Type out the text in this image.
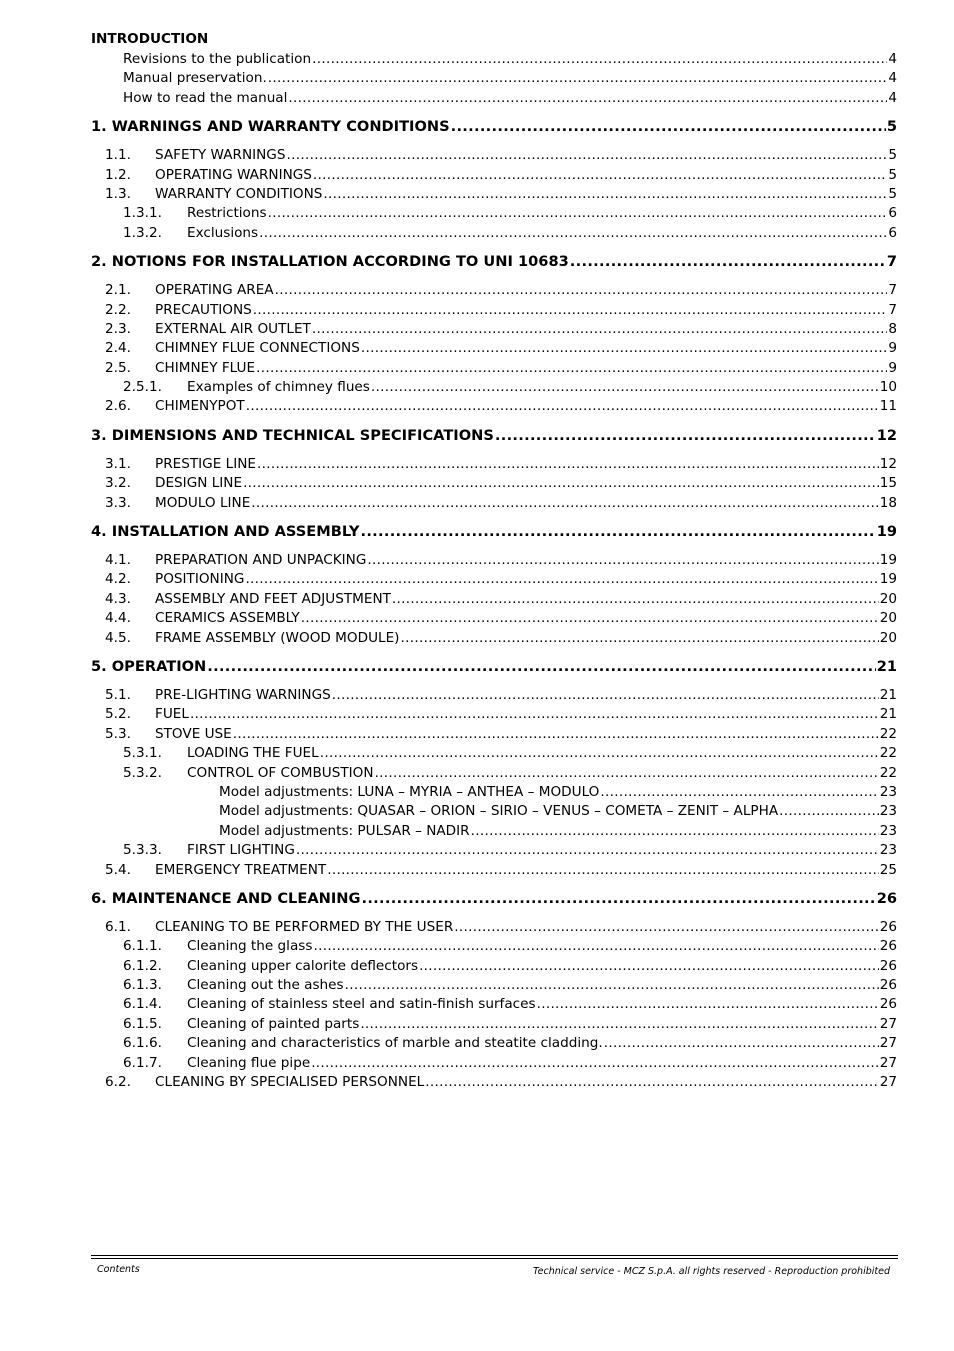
INTRODUCTION
Revisions to the publication .....	4
Manual preservation. .....	4
How to read the manual .....	4
1. WARNINGS AND WARRANTY CONDITIONS .....	5
1.1.	SAFETY WARNINGS .....	5
1.2.	OPERATING WARNINGS .....	5
1.3.	WARRANTY CONDITIONS .....	5
1.3.1.	Restrictions .....	6
1.3.2.	Exclusions .....	6
2. NOTIONS FOR INSTALLATION ACCORDING TO UNI 10683 .....	7
2.1.	OPERATING AREA .....	7
2.2.	PRECAUTIONS .....	7
2.3.	EXTERNAL AIR OUTLET .....	8
2.4.	CHIMNEY FLUE CONNECTIONS .....	9
2.5.	CHIMNEY FLUE .....	9
2.5.1.	Examples of chimney flues .....	10
2.6.	CHIMENYPOT .....	11
3. DIMENSIONS AND TECHNICAL SPECIFICATIONS .....	12
3.1.	PRESTIGE LINE .....	12
3.2.	DESIGN LINE .....	15
3.3.	MODULO LINE .....	18
4. INSTALLATION AND ASSEMBLY .....	19
4.1.	PREPARATION AND UNPACKING .....	19
4.2.	POSITIONING .....	19
4.3.	ASSEMBLY AND FEET ADJUSTMENT .....	20
4.4.	CERAMICS ASSEMBLY .....	20
4.5.	FRAME ASSEMBLY (WOOD MODULE) .....	20
5. OPERATION .....	21
5.1.	PRE-LIGHTING WARNINGS .....	21
5.2.	FUEL .....	21
5.3.	STOVE USE .....	22
5.3.1.	LOADING THE FUEL .....	22
5.3.2.	CONTROL OF COMBUSTION .....	22
Model adjustments: LUNA – MYRIA – ANTHEA – MODULO .....	23
Model adjustments: QUASAR – ORION – SIRIO – VENUS – COMETA – ZENIT – ALPHA .....	23
Model adjustments: PULSAR – NADIR .....	23
5.3.3.	FIRST LIGHTING .....	23
5.4.	EMERGENCY TREATMENT .....	25
6. MAINTENANCE AND CLEANING .....	26
6.1.	CLEANING TO BE PERFORMED BY THE USER .....	26
6.1.1.	Cleaning the glass .....	26
6.1.2.	Cleaning upper calorite deflectors .....	26
6.1.3.	Cleaning out the ashes .....	26
6.1.4.	Cleaning of stainless steel and satin-finish surfaces .....	26
6.1.5.	Cleaning of painted parts .....	27
6.1.6.	Cleaning and characteristics of marble and steatite cladding. .....	27
6.1.7.	Cleaning flue pipe .....	27
6.2.	CLEANING BY SPECIALISED PERSONNEL .....	27
Contents	Technical service - MCZ S.p.A. all rights reserved - Reproduction prohibited
